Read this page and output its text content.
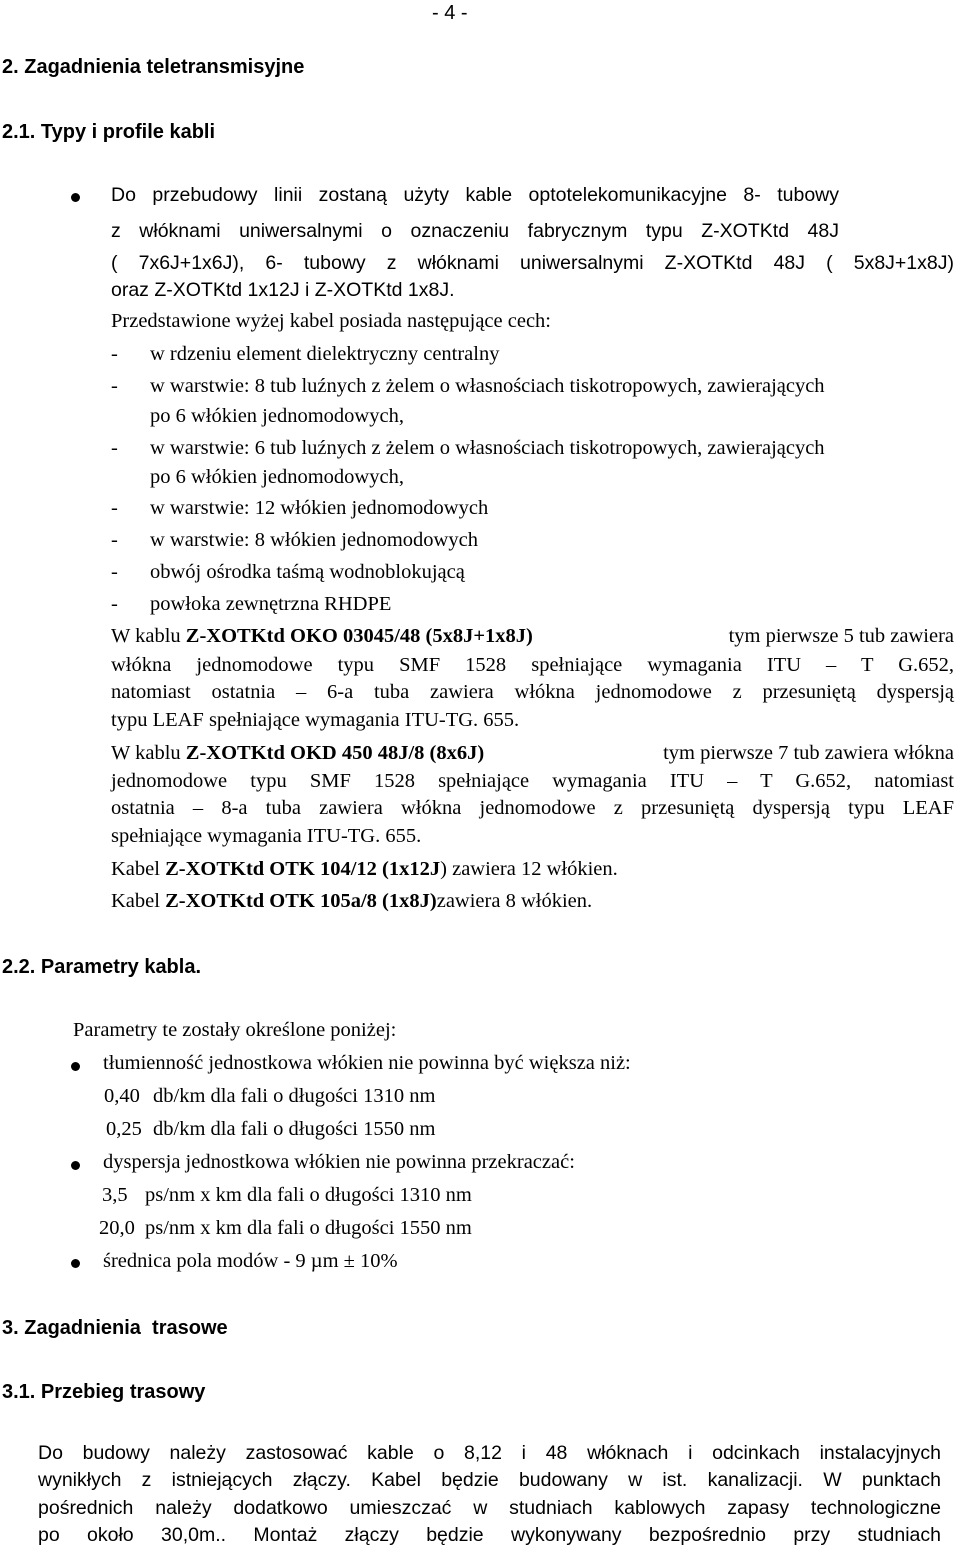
- 4 -
2. Zagadnienia teletransmisyjne
2.1. Typy i profile kabli
Do przebudowy linii zostaną użyty kable optotelekomunikacyjne 8- tubowy
z włóknami uniwersalnymi o oznaczeniu fabrycznym typu Z-XOTKtd 48J
( 7x6J+1x6J), 6- tubowy z włóknami uniwersalnymi Z-XOTKtd 48J ( 5x8J+1x8J)
oraz Z-XOTKtd 1x12J i Z-XOTKtd 1x8J.
Przedstawione wyżej kabel posiada następujące cech:
- w rdzeniu element dielektryczny centralny
- w warstwie: 8 tub luźnych z żelem o własnościach tiskotropowych, zawierających
po 6 włókien jednomodowych,
- w warstwie: 6 tub luźnych z żelem o własnościach tiskotropowych, zawierających
po 6 włókien jednomodowych,
- w warstwie: 12 włókien jednomodowych
- w warstwie: 8 włókien jednomodowych
- obwój ośrodka taśmą wodnoblokującą
- powłoka zewnętrzna RHDPE
W kablu Z-XOTKtd OKO 03045/48 (5x8J+1x8J)	tym pierwsze 5 tub zawiera
włókna jednomodowe typu SMF 1528 spełniające wymagania ITU – T G.652,
natomiast ostatnia – 6-a tuba zawiera włókna jednomodowe z przesuniętą dyspersją
typu LEAF spełniające wymagania ITU-TG. 655.
W kablu Z-XOTKtd OKD 450 48J/8 (8x6J)	tym pierwsze 7 tub zawiera włókna
jednomodowe typu SMF 1528 spełniające wymagania ITU – T G.652, natomiast
ostatnia – 8-a tuba zawiera włókna jednomodowe z przesuniętą dyspersją typu LEAF
spełniające wymagania ITU-TG. 655.
Kabel Z-XOTKtd OTK 104/12 (1x12J) zawiera 12 włókien.
Kabel Z-XOTKtd OTK 105a/8 (1x8J)zawiera 8 włókien.
2.2. Parametry kabla.
Parametry te zostały określone poniżej:
tłumienność jednostkowa włókien nie powinna być większa niż:
0,40 db/km dla fali o długości 1310 nm
0,25 db/km dla fali o długości 1550 nm
dyspersja jednostkowa włókien nie powinna przekraczać:
3,5 ps/nm x km dla fali o długości 1310 nm
20,0 ps/nm x km dla fali o długości 1550 nm
średnica pola modów - 9 µm ± 10%
3. Zagadnienia  trasowe
3.1. Przebieg trasowy
Do budowy należy zastosować kable o 8,12 i 48 włóknach i odcinkach instalacyjnych
wynikłych z istniejących złączy. Kabel będzie budowany w ist. kanalizacji. W punktach
pośrednich należy dodatkowo umieszczać w studniach kablowych zapasy technologiczne
po około 30,0m.. Montaż złączy będzie wykonywany bezpośrednio przy studniach
